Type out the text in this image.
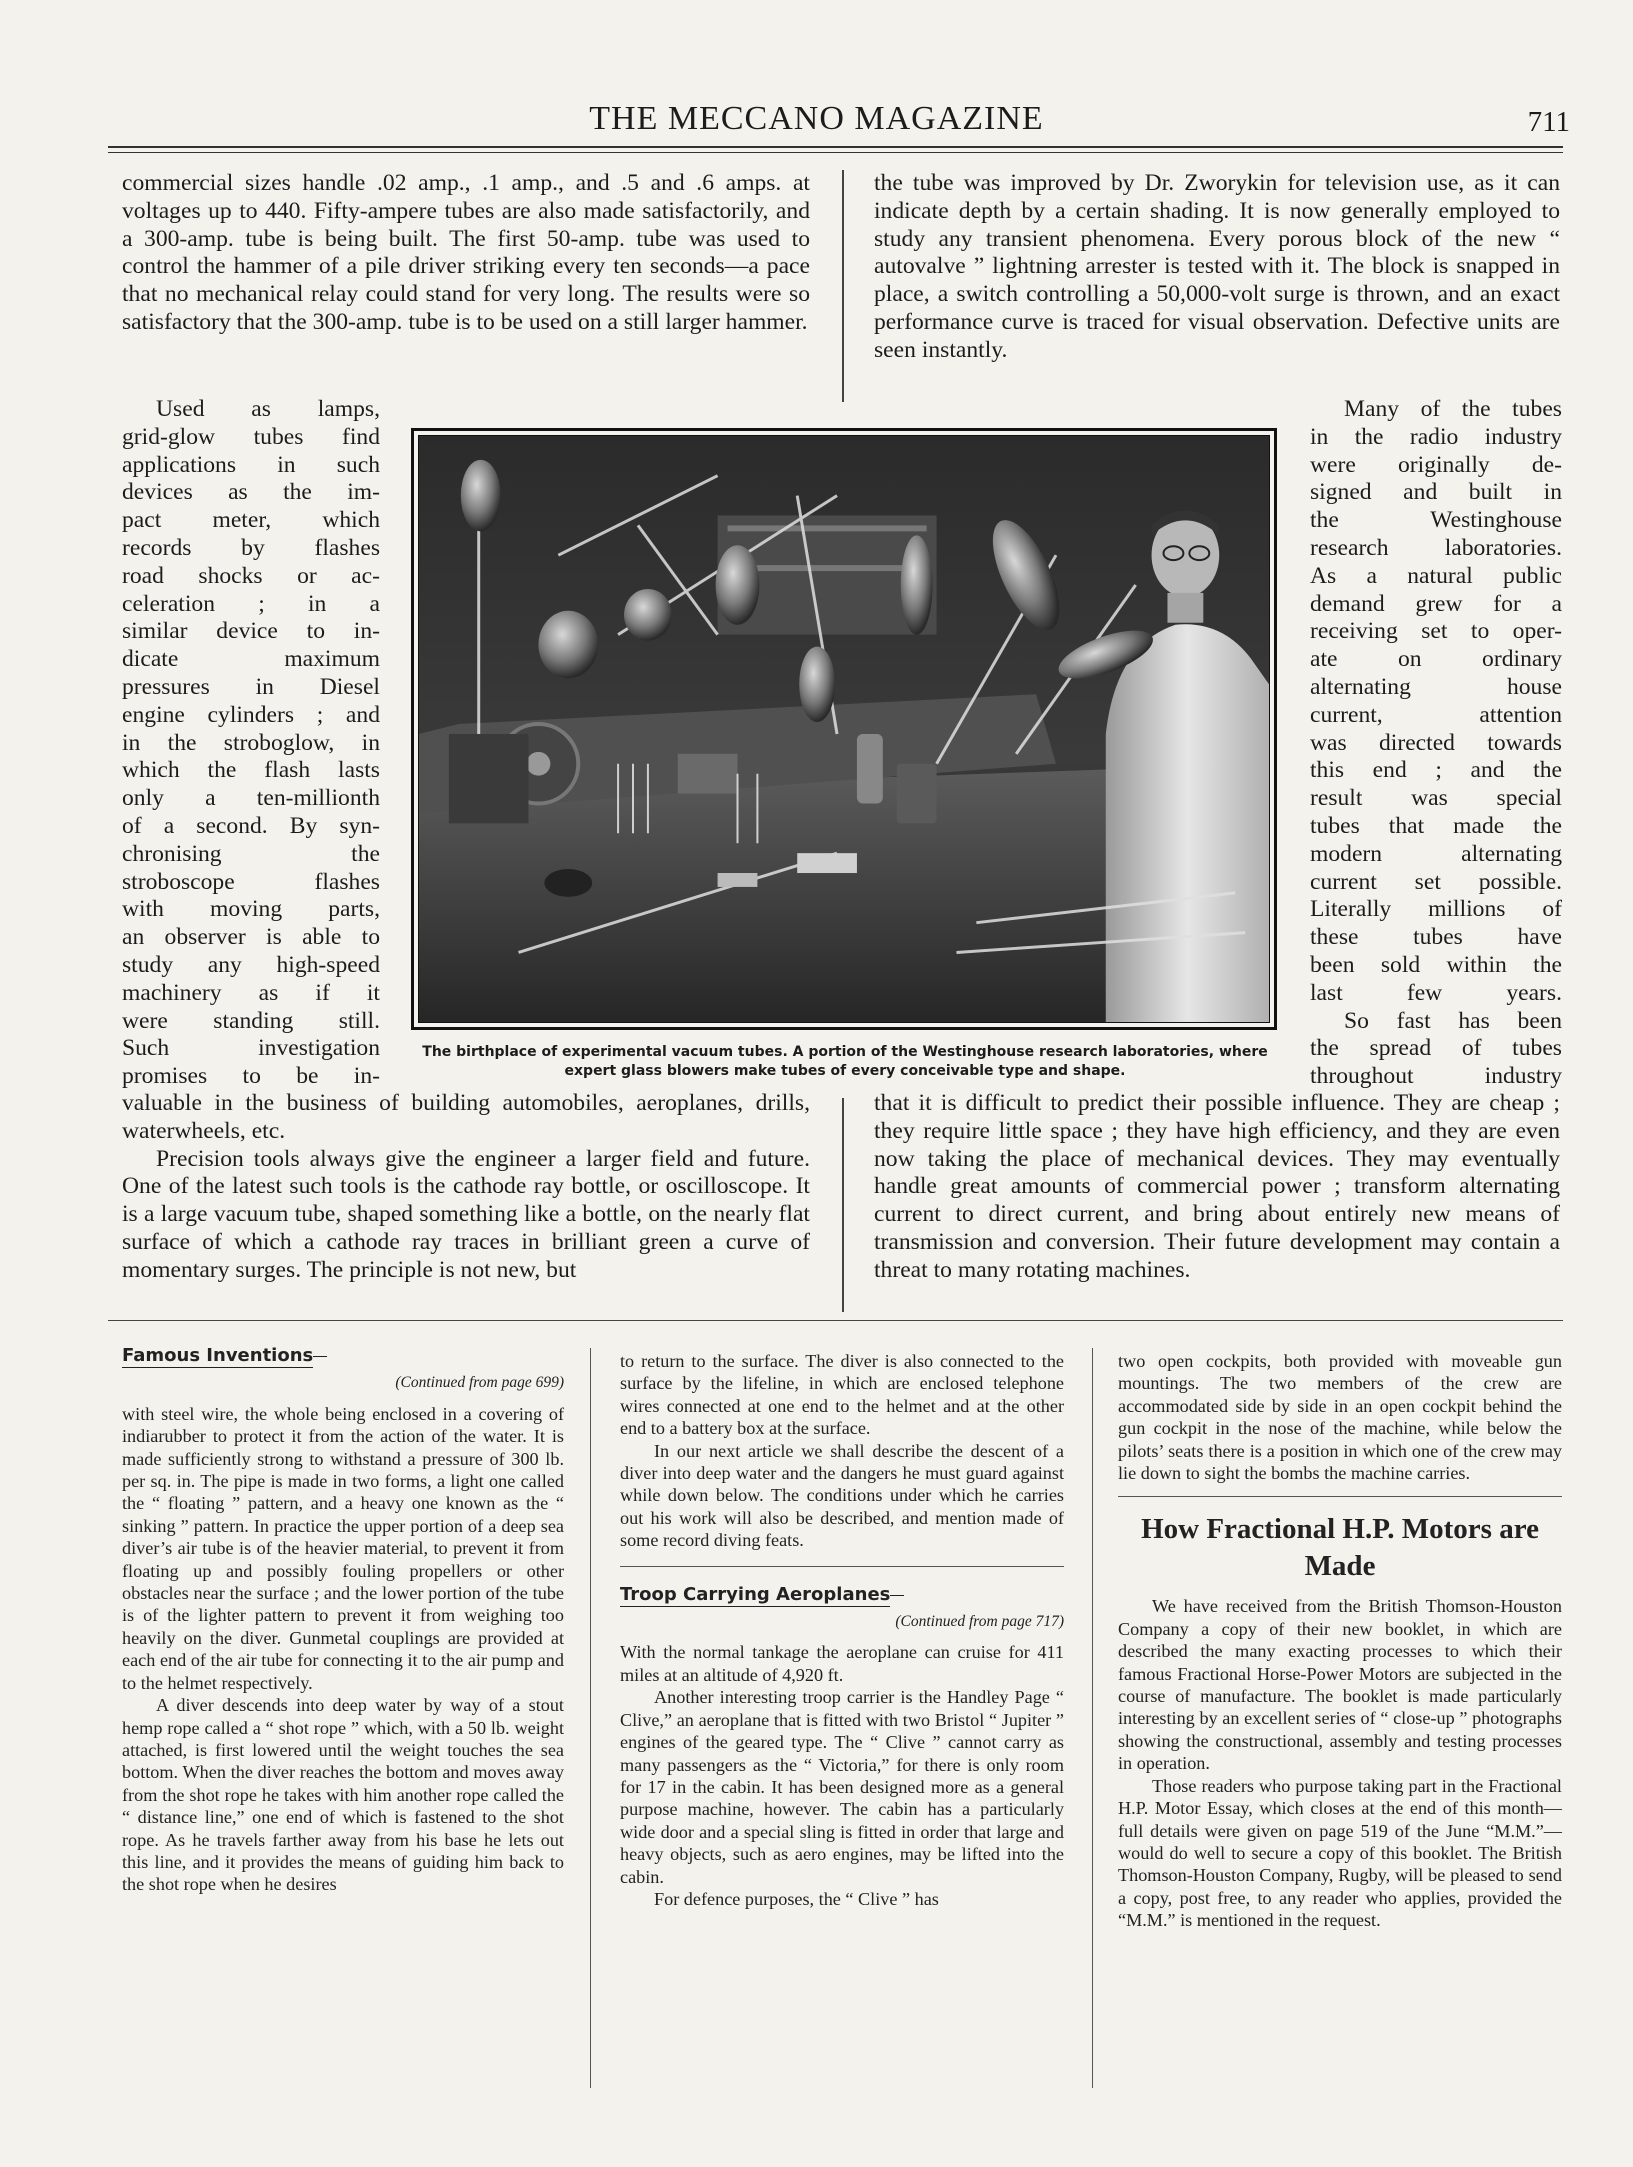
THE MECCANO MAGAZINE	711

commercial sizes handle .02 amp., .1 amp., and .5 and .6 amps. at voltages up to 440. Fifty-ampere tubes are also made satisfactorily, and a 300-amp. tube is being built. The first 50-amp. tube was used to control the hammer of a pile driver striking every ten seconds—a pace that no mechanical relay could stand for very long. The results were so satisfactory that the 300-amp. tube is to be used on a still larger hammer.

the tube was improved by Dr. Zworykin for television use, as it can indicate depth by a certain shading. It is now generally employed to study any transient phenomena. Every porous block of the new “ autovalve ” lightning arrester is tested with it. The block is snapped in place, a switch controlling a 50,000-volt surge is thrown, and an exact performance curve is traced for visual observation. Defective units are seen instantly.

Used as lamps,
grid-glow tubes find
applications in such
devices as the im-
pact meter, which
records by flashes
road shocks or ac-
celeration ; in a
similar device to in-
dicate maximum
pressures in Diesel
engine cylinders ; and
in the stroboglow, in
which the flash lasts
only a ten-millionth
of a second. By syn-
chronising the
stroboscope flashes
with moving parts,
an observer is able to
study any high-speed
machinery as if it
were standing still.
Such investigation
promises to be in-
Many of the tubes
in the radio industry
were originally de-
signed and built in
the Westinghouse
research laboratories.
As a natural public
demand grew for a
receiving set to oper-
ate on ordinary
alternating house
current, attention
was directed towards
this end ; and the
result was special
tubes that made the
modern alternating
current set possible.
Literally millions of
these tubes have
been sold within the
last few years.
So fast has been
the spread of tubes
throughout industry
The birthplace of experimental vacuum tubes. A portion of the Westinghouse research laboratories, where expert glass blowers make tubes of every conceivable type and shape.

valuable in the business of building automobiles, aeroplanes, drills, waterwheels, etc.

Precision tools always give the engineer a larger field and future. One of the latest such tools is the cathode ray bottle, or oscilloscope. It is a large vacuum tube, shaped something like a bottle, on the nearly flat surface of which a cathode ray traces in brilliant green a curve of momentary surges. The principle is not new, but

that it is difficult to predict their possible influence. They are cheap ; they require little space ; they have high efficiency, and they are even now taking the place of mechanical devices. They may eventually handle great amounts of commercial power ; transform alternating current to direct current, and bring about entirely new means of transmission and conversion. Their future development may contain a threat to many rotating machines.

Famous Inventions
(Continued from page 699)

with steel wire, the whole being enclosed in a covering of indiarubber to protect it from the action of the water. It is made sufficiently strong to withstand a pressure of 300 lb. per sq. in. The pipe is made in two forms, a light one called the “ floating ” pattern, and a heavy one known as the “ sinking ” pattern. In practice the upper portion of a deep sea diver’s air tube is of the heavier material, to prevent it from floating up and possibly fouling propellers or other obstacles near the surface ; and the lower portion of the tube is of the lighter pattern to prevent it from weighing too heavily on the diver. Gunmetal couplings are provided at each end of the air tube for connecting it to the air pump and to the helmet respectively.

A diver descends into deep water by way of a stout hemp rope called a “ shot rope ” which, with a 50 lb. weight attached, is first lowered until the weight touches the sea bottom. When the diver reaches the bottom and moves away from the shot rope he takes with him another rope called the “ distance line,” one end of which is fastened to the shot rope. As he travels farther away from his base he lets out this line, and it provides the means of guiding him back to the shot rope when he desires

to return to the surface. The diver is also connected to the surface by the lifeline, in which are enclosed telephone wires connected at one end to the helmet and at the other end to a battery box at the surface.

In our next article we shall describe the descent of a diver into deep water and the dangers he must guard against while down below. The conditions under which he carries out his work will also be described, and mention made of some record diving feats.

Troop Carrying Aeroplanes
(Continued from page 717)

With the normal tankage the aeroplane can cruise for 411 miles at an altitude of 4,920 ft.

Another interesting troop carrier is the Handley Page “ Clive,” an aeroplane that is fitted with two Bristol “ Jupiter ” engines of the geared type. The “ Clive ” cannot carry as many passengers as the “ Victoria,” for there is only room for 17 in the cabin. It has been designed more as a general purpose machine, however. The cabin has a particularly wide door and a special sling is fitted in order that large and heavy objects, such as aero engines, may be lifted into the cabin.

For defence purposes, the “ Clive ” has

two open cockpits, both provided with moveable gun mountings. The two members of the crew are accommodated side by side in an open cockpit behind the gun cockpit in the nose of the machine, while below the pilots’ seats there is a position in which one of the crew may lie down to sight the bombs the machine carries.

How Fractional H.P. Motors are Made

We have received from the British Thomson-Houston Company a copy of their new booklet, in which are described the many exacting processes to which their famous Fractional Horse-Power Motors are subjected in the course of manufacture. The booklet is made particularly interesting by an excellent series of “ close-up ” photographs showing the constructional, assembly and testing processes in operation.

Those readers who purpose taking part in the Fractional H.P. Motor Essay, which closes at the end of this month—full details were given on page 519 of the June “M.M.”—would do well to secure a copy of this booklet. The British Thomson-Houston Company, Rugby, will be pleased to send a copy, post free, to any reader who applies, provided the “M.M.” is mentioned in the request.
